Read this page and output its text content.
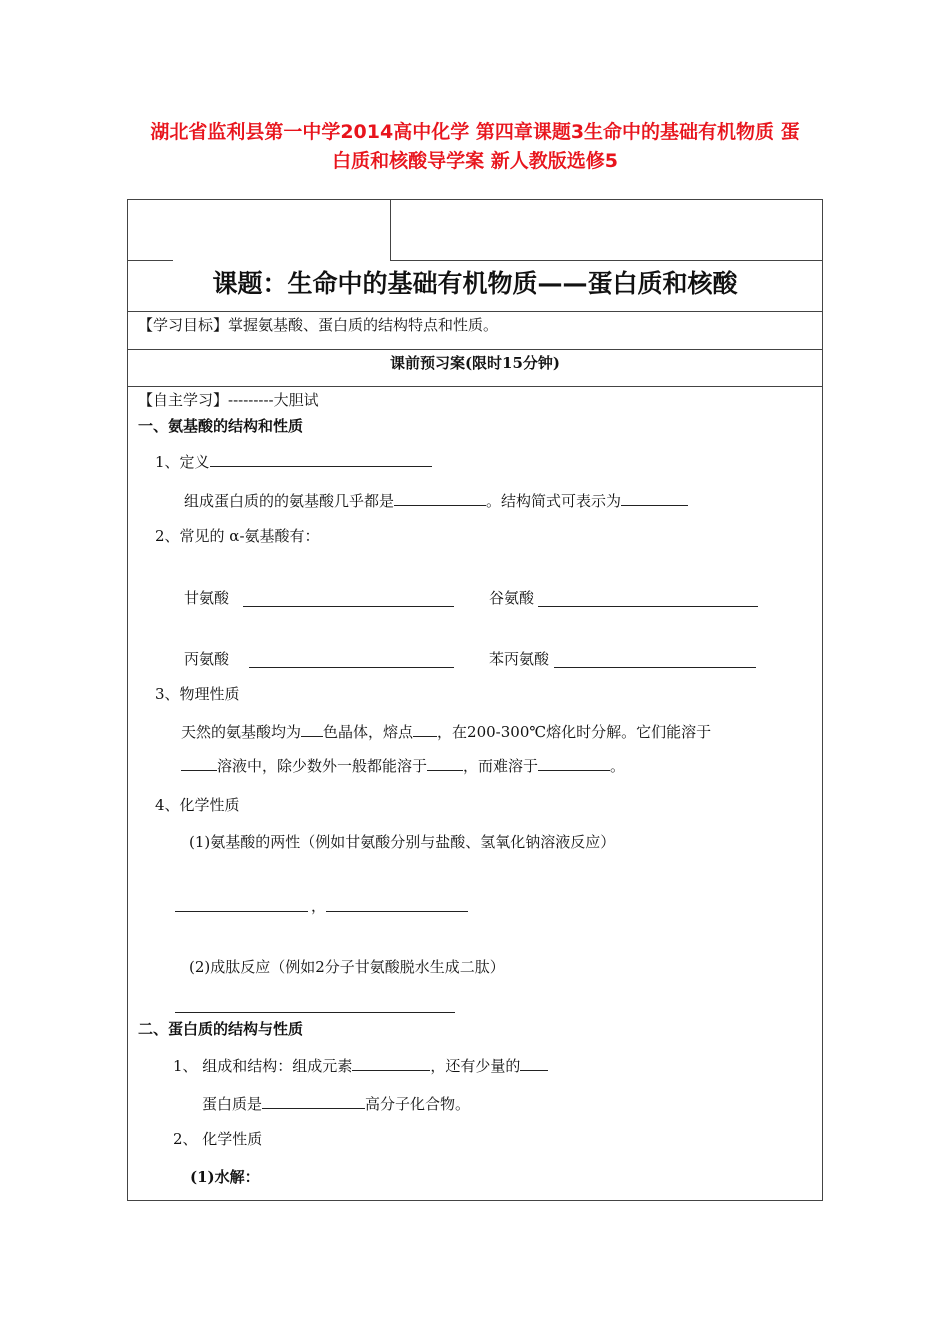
湖北省监利县第一中学2014高中化学 第四章课题3生命中的基础有机物质 蛋
白质和核酸导学案 新人教版选修5
课题：生命中的基础有机物质——蛋白质和核酸
【学习目标】掌握氨基酸、蛋白质的结构特点和性质。
课前预习案(限时15分钟)
【自主学习】---------大胆试
一、氨基酸的结构和性质
1、定义
组成蛋白质的的氨基酸几乎都是	。结构简式可表示为
2、常见的 α-氨基酸有：
甘氨酸	谷氨酸
丙氨酸	苯丙氨酸
3、物理性质
天然的氨基酸均为 色晶体，熔点 ，在200-300℃熔化时分解。它们能溶于
溶液中，除少数外一般都能溶于 ，而难溶于	。
4、化学性质
(1)氨基酸的两性（例如甘氨酸分别与盐酸、氢氧化钠溶液反应）
，
(2)成肽反应（例如2分子甘氨酸脱水生成二肽）
二、蛋白质的结构与性质
1、 组成和结构：组成元素	，还有少量的
蛋白质是	高分子化合物。
2、 化学性质
(1)水解：
